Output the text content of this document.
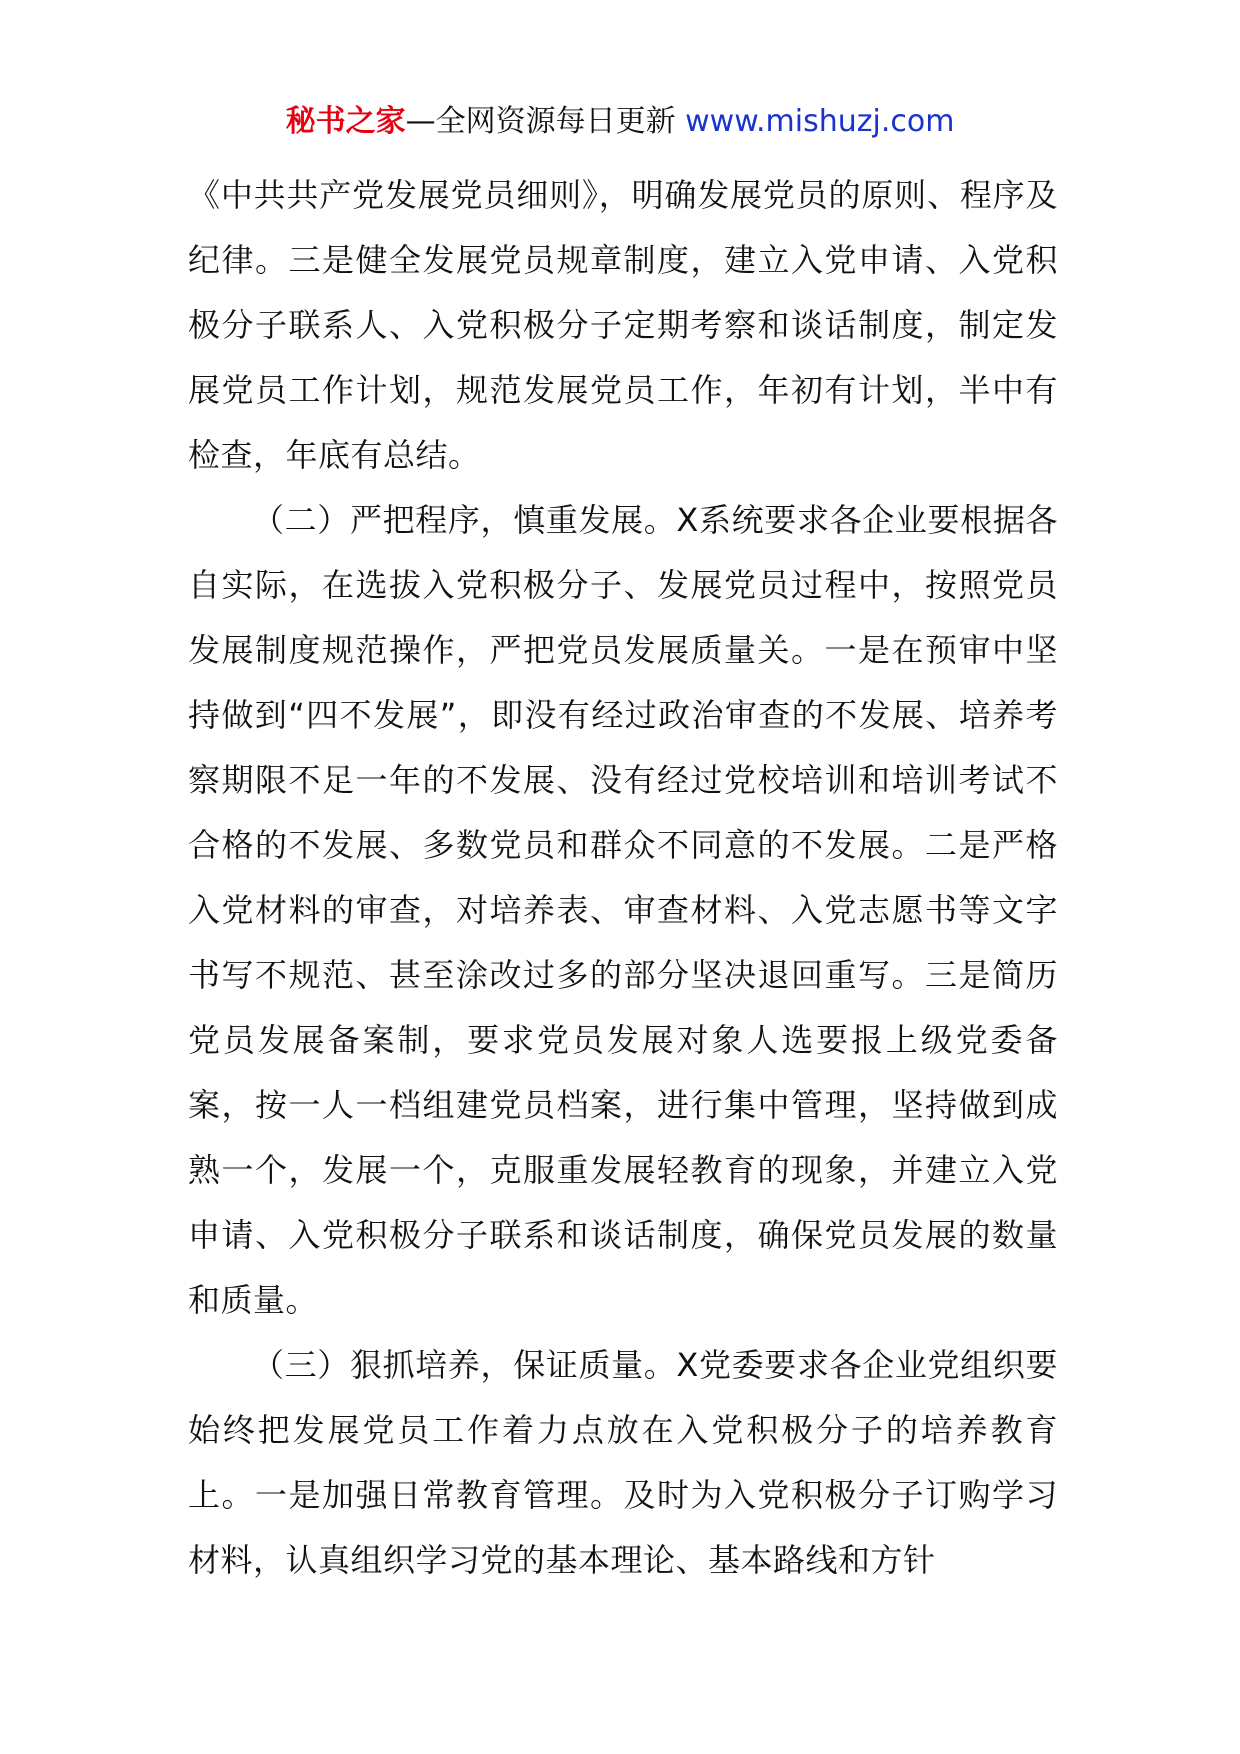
秘书之家—全网资源每日更新 www.mishuzj.com

《中共共产党发展党员细则》，明确发展党员的原则、程序及纪律。三是健全发展党员规章制度，建立入党申请、入党积极分子联系人、入党积极分子定期考察和谈话制度，制定发展党员工作计划，规范发展党员工作，年初有计划，半中有检查，年底有总结。

（二）严把程序，慎重发展。X系统要求各企业要根据各自实际，在选拔入党积极分子、发展党员过程中，按照党员发展制度规范操作，严把党员发展质量关。一是在预审中坚持做到“四不发展”，即没有经过政治审查的不发展、培养考察期限不足一年的不发展、没有经过党校培训和培训考试不合格的不发展、多数党员和群众不同意的不发展。二是严格入党材料的审查，对培养表、审查材料、入党志愿书等文字书写不规范、甚至涂改过多的部分坚决退回重写。三是简历党员发展备案制，要求党员发展对象人选要报上级党委备案，按一人一档组建党员档案，进行集中管理，坚持做到成熟一个，发展一个，克服重发展轻教育的现象，并建立入党申请、入党积极分子联系和谈话制度，确保党员发展的数量和质量。

（三）狠抓培养，保证质量。X党委要求各企业党组织要始终把发展党员工作着力点放在入党积极分子的培养教育上。一是加强日常教育管理。及时为入党积极分子订购学习材料，认真组织学习党的基本理论、基本路线和方针
